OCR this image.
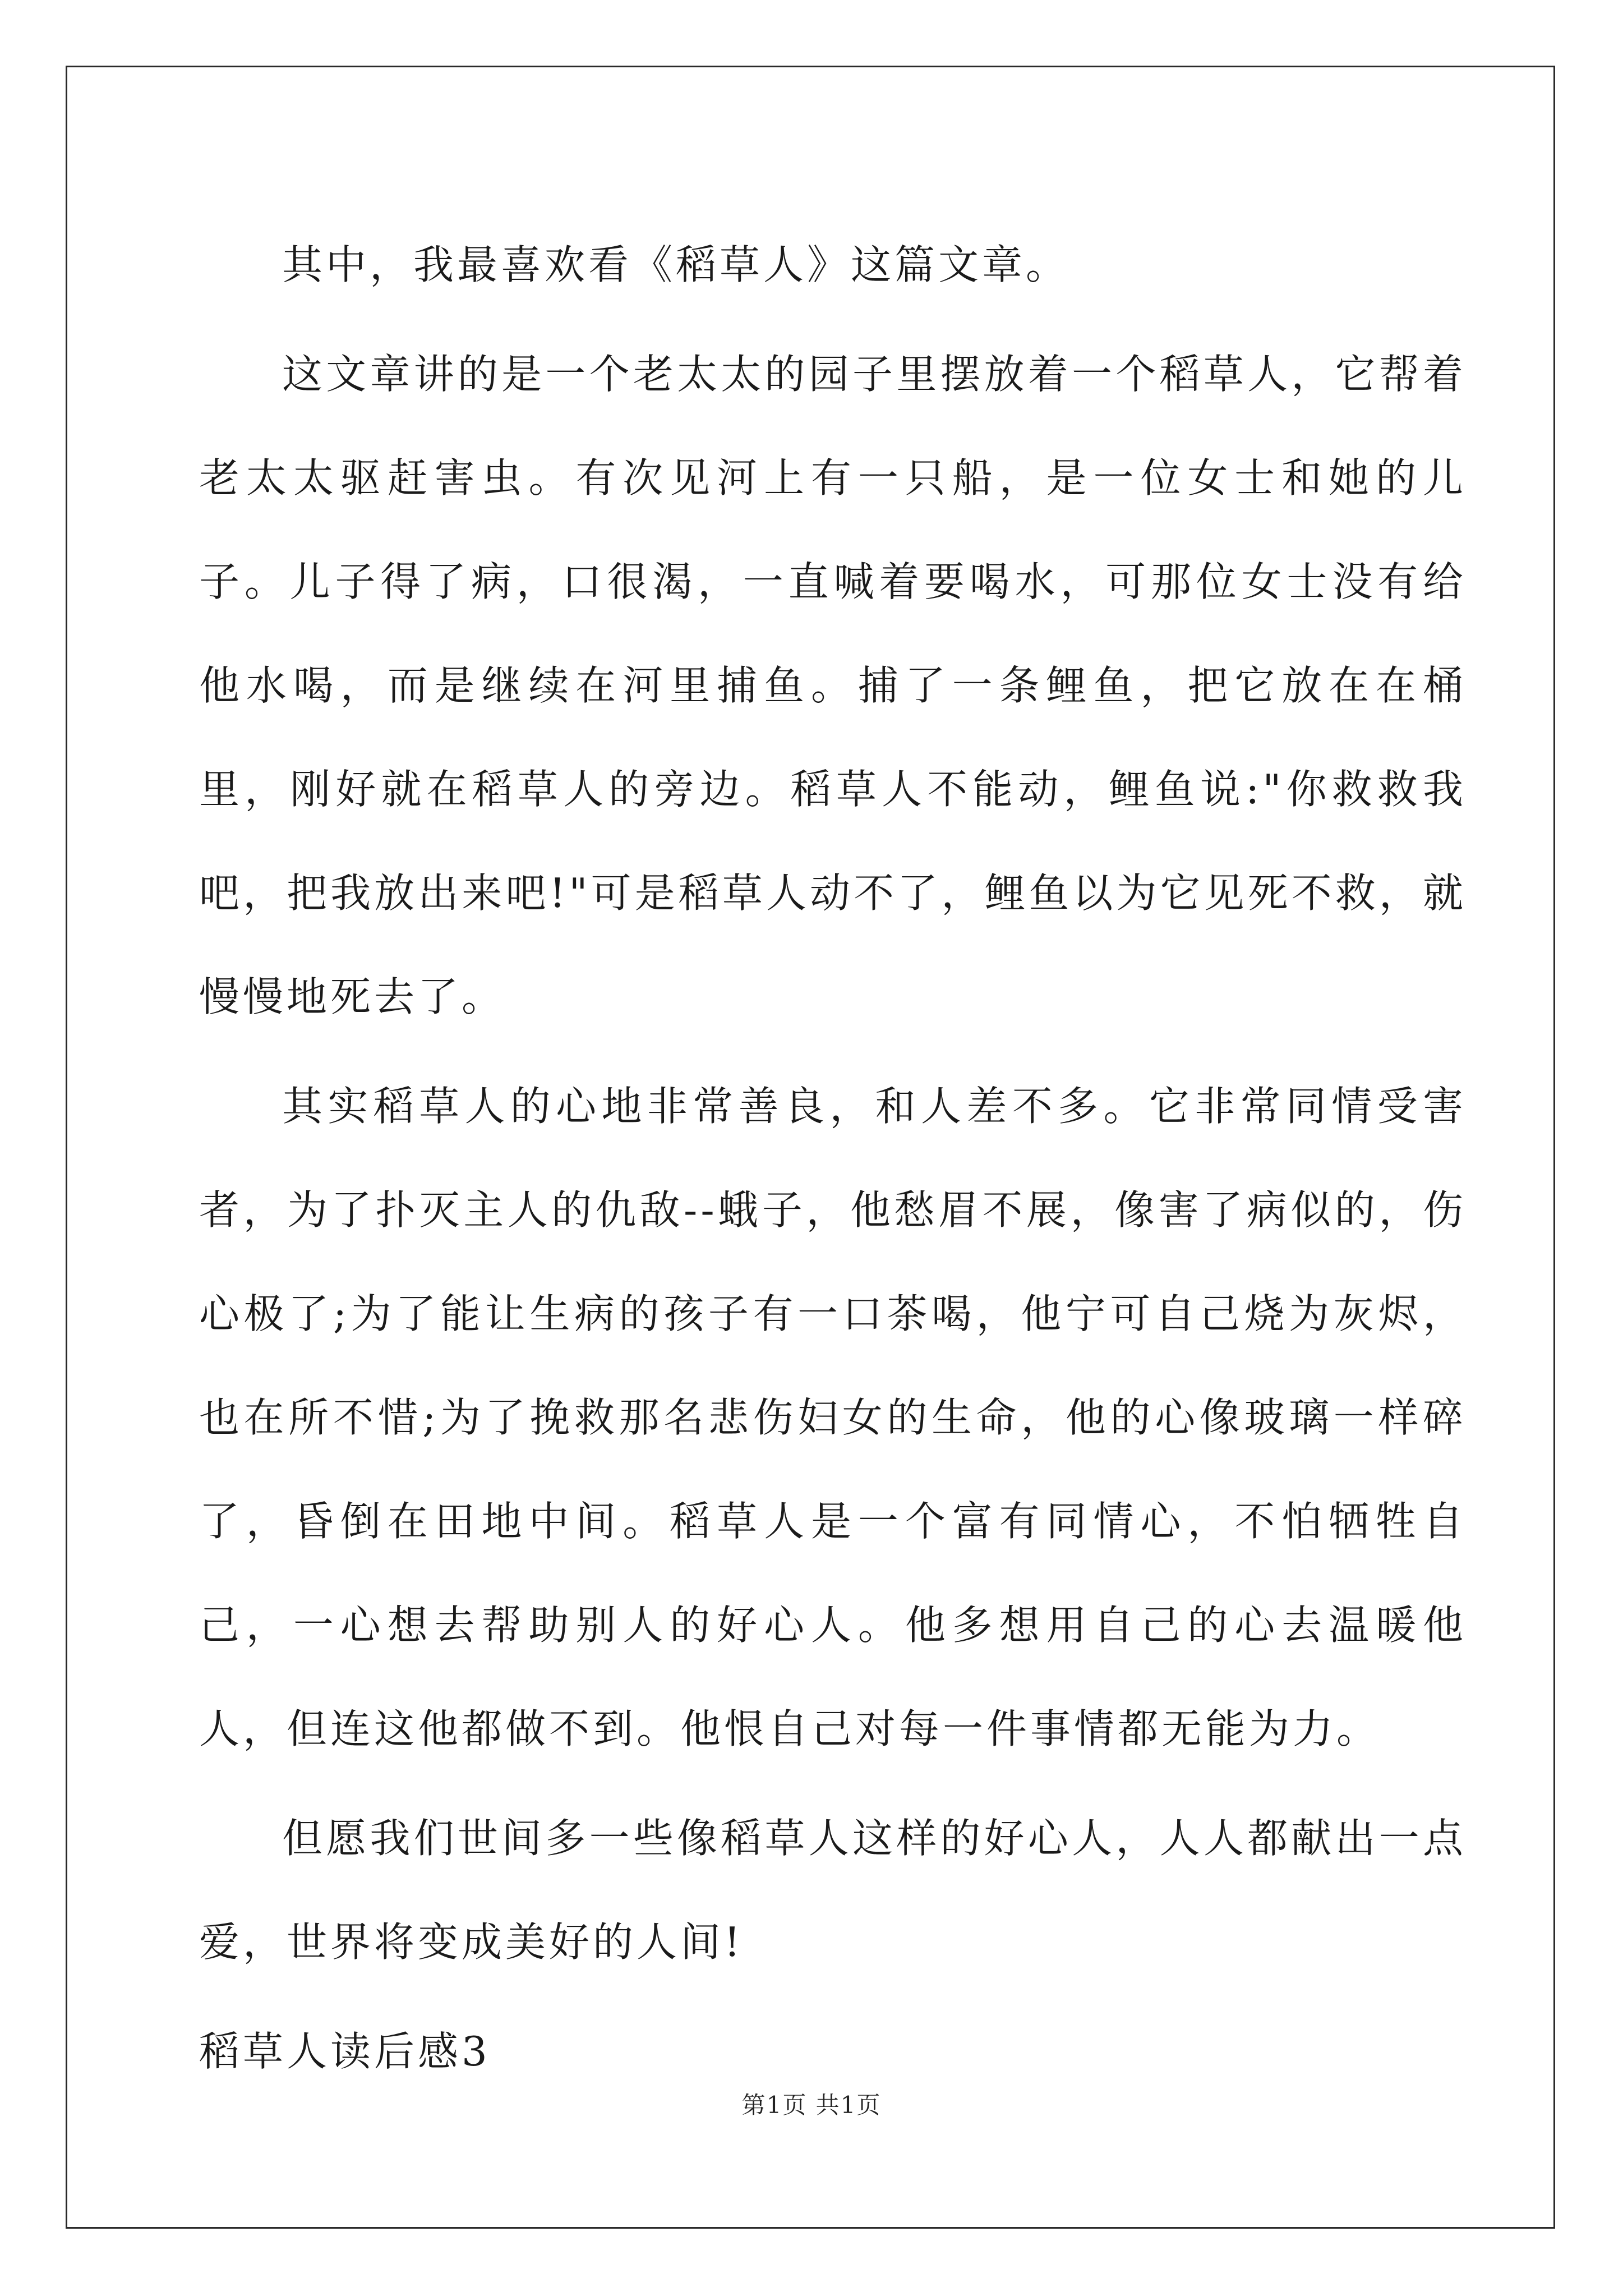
其中，我最喜欢看《稻草人》这篇文章。

这文章讲的是一个老太太的园子里摆放着一个稻草人，它帮着老太太驱赶害虫。有次见河上有一只船，是一位女士和她的儿子。儿子得了病，口很渴，一直喊着要喝水，可那位女士没有给他水喝，而是继续在河里捕鱼。捕了一条鲤鱼，把它放在在桶里，刚好就在稻草人的旁边。稻草人不能动，鲤鱼说:"你救救我吧，把我放出来吧!"可是稻草人动不了，鲤鱼以为它见死不救，就慢慢地死去了。

其实稻草人的心地非常善良，和人差不多。它非常同情受害者，为了扑灭主人的仇敌--蛾子，他愁眉不展，像害了病似的，伤心极了;为了能让生病的孩子有一口茶喝，他宁可自己烧为灰烬，也在所不惜;为了挽救那名悲伤妇女的生命，他的心像玻璃一样碎了，昏倒在田地中间。稻草人是一个富有同情心，不怕牺牲自己，一心想去帮助别人的好心人。他多想用自己的心去温暖他人，但连这他都做不到。他恨自己对每一件事情都无能为力。

但愿我们世间多一些像稻草人这样的好心人，人人都献出一点爱，世界将变成美好的人间!

稻草人读后感3

第1页 共1页
